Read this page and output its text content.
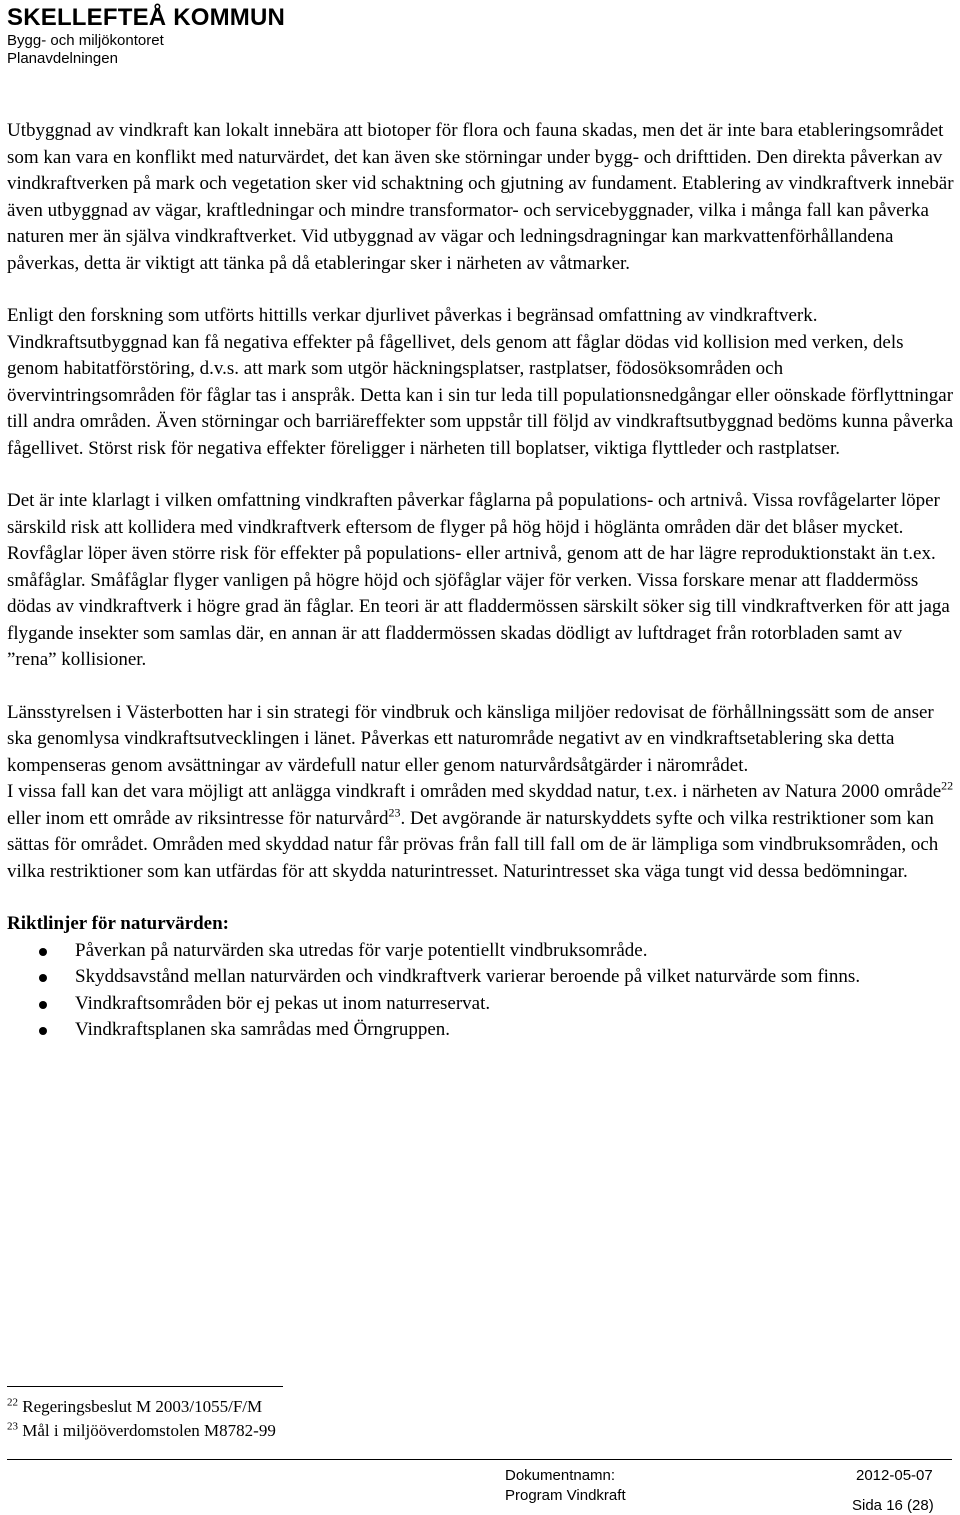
SKELLEFTEÅ KOMMUN
Bygg- och miljökontoret
Planavdelningen

Utbyggnad av vindkraft kan lokalt innebära att biotoper för flora och fauna skadas, men det är inte bara etableringsområdet som kan vara en konflikt med naturvärdet, det kan även ske störningar under bygg- och drifttiden. Den direkta påverkan av vindkraftverken på mark och vegetation sker vid schaktning och gjutning av fundament. Etablering av vindkraftverk innebär även utbyggnad av vägar, kraftledningar och mindre transformator- och servicebyggnader, vilka i många fall kan påverka naturen mer än själva vindkraftverket. Vid utbyggnad av vägar och ledningsdragningar kan markvattenförhållandena påverkas, detta är viktigt att tänka på då etableringar sker i närheten av våtmarker.

Enligt den forskning som utförts hittills verkar djurlivet påverkas i begränsad omfattning av vindkraftverk. Vindkraftsutbyggnad kan få negativa effekter på fågellivet, dels genom att fåglar dödas vid kollision med verken, dels genom habitatförstöring, d.v.s. att mark som utgör häckningsplatser, rastplatser, födosöksområden och övervintringsområden för fåglar tas i anspråk. Detta kan i sin tur leda till populationsnedgångar eller oönskade förflyttningar till andra områden. Även störningar och barriäreffekter som uppstår till följd av vindkraftsutbyggnad bedöms kunna påverka fågellivet. Störst risk för negativa effekter föreligger i närheten till boplatser, viktiga flyttleder och rastplatser.

Det är inte klarlagt i vilken omfattning vindkraften påverkar fåglarna på populations- och artnivå. Vissa rovfågelarter löper särskild risk att kollidera med vindkraftverk eftersom de flyger på hög höjd i höglänta områden där det blåser mycket. Rovfåglar löper även större risk för effekter på populations- eller artnivå, genom att de har lägre reproduktionstakt än t.ex. småfåglar. Småfåglar flyger vanligen på högre höjd och sjöfåglar väjer för verken. Vissa forskare menar att fladdermöss dödas av vindkraftverk i högre grad än fåglar. En teori är att fladdermössen särskilt söker sig till vindkraftverken för att jaga flygande insekter som samlas där, en annan är att fladdermössen skadas dödligt av luftdraget från rotorbladen samt av ”rena” kollisioner.

Länsstyrelsen i Västerbotten har i sin strategi för vindbruk och känsliga miljöer redovisat de förhållningssätt som de anser ska genomlysa vindkraftsutvecklingen i länet. Påverkas ett naturområde negativt av en vindkraftsetablering ska detta kompenseras genom avsättningar av värdefull natur eller genom naturvårdsåtgärder i närområdet.

I vissa fall kan det vara möjligt att anlägga vindkraft i områden med skyddad natur, t.ex. i närheten av Natura 2000 område$^{22}$ eller inom ett område av riksintresse för naturvård$^{23}$. Det avgörande är naturskyddets syfte och vilka restriktioner som kan sättas för området. Områden med skyddad natur får prövas från fall till fall om de är lämpliga som vindbruksområden, och vilka restriktioner som kan utfärdas för att skydda naturintresset. Naturintresset ska väga tungt vid dessa bedömningar.

Riktlinjer för naturvärden:
Påverkan på naturvärden ska utredas för varje potentiellt vindbruksområde.
Skyddsavstånd mellan naturvärden och vindkraftverk varierar beroende på vilket naturvärde som finns.
Vindkraftsområden bör ej pekas ut inom naturreservat.
Vindkraftsplanen ska samrådas med Örngruppen.
$^{22}$ Regeringsbeslut M 2003/1055/F/M
$^{23}$ Mål i miljööverdomstolen M8782-99
Dokumentnamn:	2012-05-07
Program Vindkraft
Sida 16 (28)
